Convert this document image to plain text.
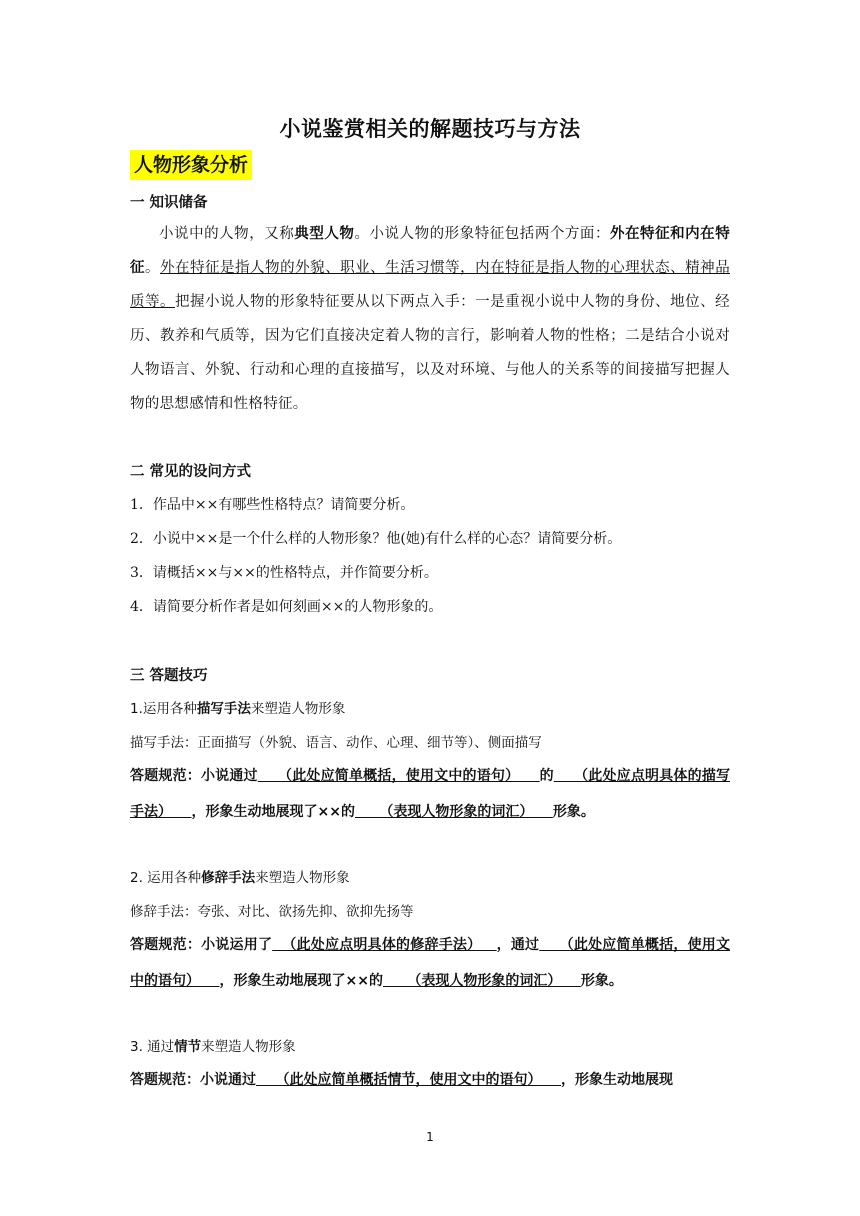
小说鉴赏相关的解题技巧与方法
人物形象分析
一 知识储备
小说中的人物，又称典型人物。小说人物的形象特征包括两个方面：外在特征和内在特征。外在特征是指人物的外貌、职业、生活习惯等，内在特征是指人物的心理状态、精神品质等。把握小说人物的形象特征要从以下两点入手：一是重视小说中人物的身份、地位、经历、教养和气质等，因为它们直接决定着人物的言行，影响着人物的性格；二是结合小说对人物语言、外貌、行动和心理的直接描写，以及对环境、与他人的关系等的间接描写把握人物的思想感情和性格特征。
二 常见的设问方式
1．作品中××有哪些性格特点？请简要分析。
2．小说中××是一个什么样的人物形象？他(她)有什么样的心态？请简要分析。
3．请概括××与××的性格特点，并作简要分析。
4．请简要分析作者是如何刻画××的人物形象的。
三 答题技巧
1.运用各种描写手法来塑造人物形象
描写手法：正面描写（外貌、语言、动作、心理、细节等）、侧面描写
答题规范：小说通过    （此处应简单概括，使用文中的语句）    的    （此处应点明具体的描写手法）    ，形象生动地展现了××的     （表现人物形象的词汇）    形象。
2. 运用各种修辞手法来塑造人物形象
修辞手法：夸张、对比、欲扬先抑、欲抑先扬等
答题规范：小说运用了  （此处应点明具体的修辞手法）   ，通过    （此处应简单概括，使用文中的语句）    ，形象生动地展现了××的     （表现人物形象的词汇）    形象。
3. 通过情节来塑造人物形象
答题规范：小说通过    （此处应简单概括情节，使用文中的语句）    ，形象生动地展现
1
